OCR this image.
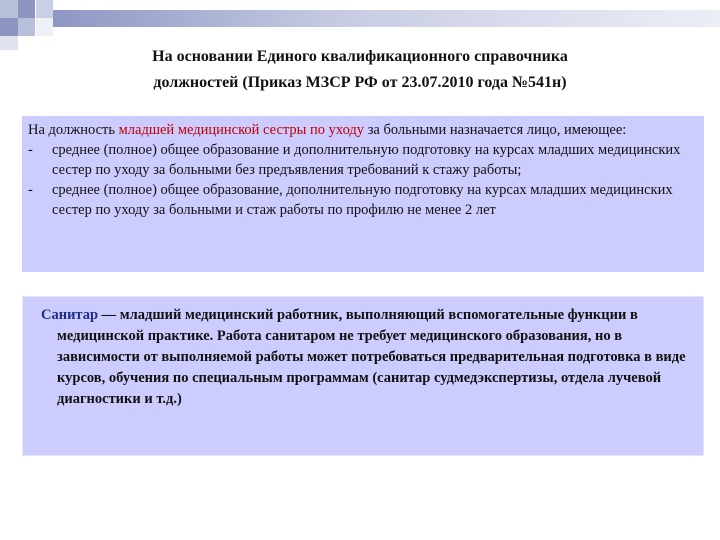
На основании Единого квалификационного справочника
должностей (Приказ МЗСР РФ от 23.07.2010 года №541н)
На должность младшей медицинской сестры по уходу за больными назначается лицо, имеющее:
-	среднее (полное) общее образование и дополнительную подготовку на курсах младших медицинских сестер по уходу за больными без предъявления требований к стажу работы;
-	среднее (полное) общее образование, дополнительную подготовку на курсах младших медицинских сестер по уходу за больными и стаж работы по профилю не менее 2 лет
Санитар — младший медицинский работник, выполняющий вспомогательные функции в медицинской практике. Работа санитаром не требует медицинского образования, но в зависимости от выполняемой работы может потребоваться предварительная подготовка в виде курсов, обучения по специальным программам (санитар судмедэкспертизы, отдела лучевой диагностики и т.д.)
